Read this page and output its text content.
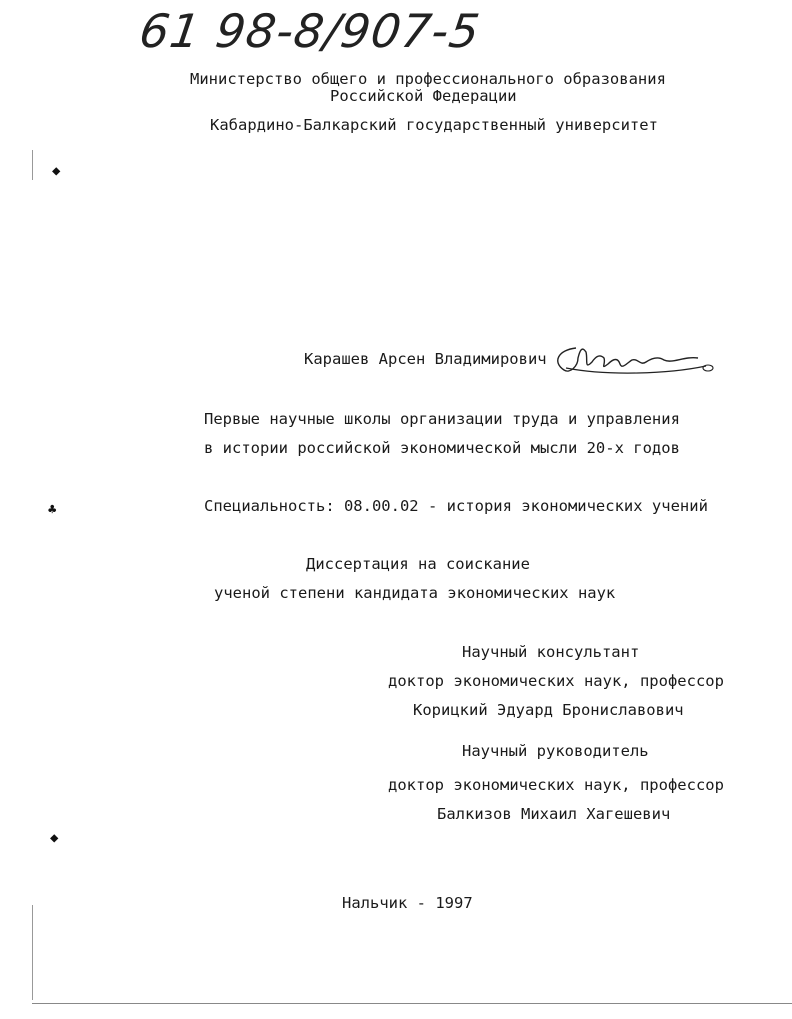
◆
♣
◆
61 98-8/907-5
Министерство общего и профессионального образования
Российской Федерации
Кабардино-Балкарский государственный университет
Карашев Арсен Владимирович
Первые научные школы организации труда и управления
в истории российской экономической мысли 20-х годов
Специальность: 08.00.02 - история экономических учений
Диссертация на соискание
ученой степени кандидата экономических наук
Научный консультант
доктор экономических наук, профессор
Корицкий Эдуард Брониславович
Научный руководитель
доктор экономических наук, профессор
Балкизов Михаил Хагешевич
Нальчик - 1997
